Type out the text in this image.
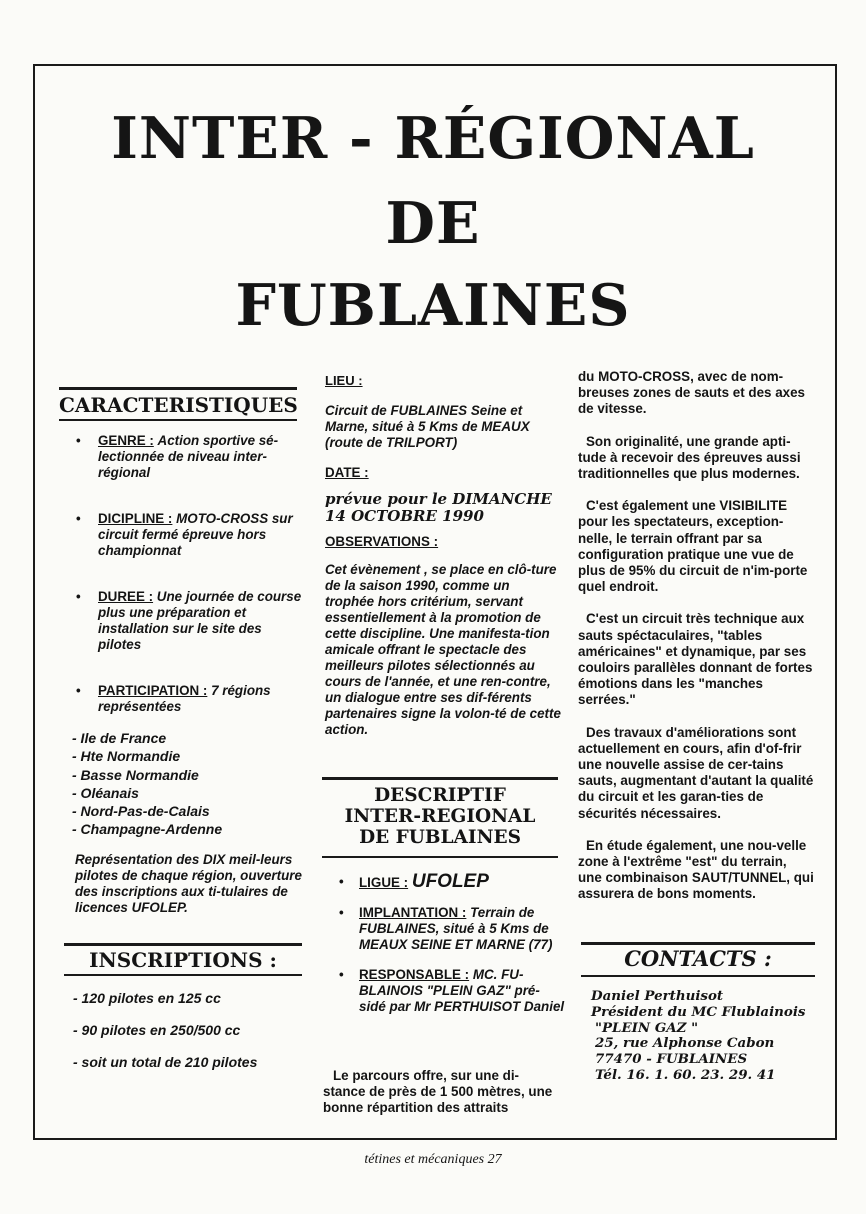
INTER - RÉGIONAL
DE
FUBLAINES
CARACTERISTIQUES
• GENRE : Action sportive sé-lectionnée de niveau inter-régional
• DICIPLINE : MOTO-CROSS sur circuit fermé épreuve hors championnat
• DUREE : Une journée de course plus une préparation et installation sur le site des pilotes
• PARTICIPATION : 7 régions représentées
- Ile de France
- Hte Normandie
- Basse Normandie
- Oléanais
- Nord-Pas-de-Calais
- Champagne-Ardenne
Représentation des DIX meil-leurs pilotes de chaque région, ouverture des inscriptions aux ti-tulaires de licences UFOLEP.
INSCRIPTIONS :
- 120 pilotes en 125 cc
- 90 pilotes en 250/500 cc
- soit un total de 210 pilotes
LIEU :

Circuit de FUBLAINES Seine et Marne, situé à 5 Kms de MEAUX (route de TRILPORT)

DATE :

prévue pour le DIMANCHE 14 OCTOBRE 1990

OBSERVATIONS :

Cet évènement , se place en clô-ture de la saison 1990, comme un trophée hors critérium, servant essentiellement à la promotion de cette discipline. Une manifesta-tion amicale offrant le spectacle des meilleurs pilotes sélectionnés au cours de l'année, et une ren-contre, un dialogue entre ses dif-férents partenaires signe la volon-té de cette action.

DESCRIPTIF
INTER-REGIONAL
DE FUBLAINES
• LIGUE : UFOLEP
• IMPLANTATION : Terrain de FUBLAINES, situé à 5 Kms de MEAUX SEINE ET MARNE (77)
• RESPONSABLE : MC. FU-BLAINOIS "PLEIN GAZ" pré-sidé par Mr PERTHUISOT Daniel

Le parcours offre, sur une di-stance de près de 1 500 mètres, une bonne répartition des attraits

du MOTO-CROSS, avec de nom-breuses zones de sauts et des axes de vitesse.

Son originalité, une grande apti-tude à recevoir des épreuves aussi traditionnelles que plus modernes.

C'est également une VISIBILITE pour les spectateurs, exception-nelle, le terrain offrant par sa configuration pratique une vue de plus de 95% du circuit de n'im-porte quel endroit.

C'est un circuit très technique aux sauts spéctaculaires, "tables américaines" et dynamique, par ses couloirs parallèles donnant de fortes émotions dans les "manches serrées."

Des travaux d'améliorations sont actuellement en cours, afin d'of-frir une nouvelle assise de cer-tains sauts, augmentant d'autant la qualité du circuit et les garan-ties de sécurités nécessaires.

En étude également, une nou-velle zone à l'extrême "est" du terrain, une combinaison SAUT/TUNNEL, qui assurera de bons moments.

CONTACTS :

Daniel Perthuisot

Président du MC Flublainois

"PLEIN GAZ "

25, rue Alphonse Cabon

77470 - FUBLAINES

Tél. 16. 1. 60. 23. 29. 41

tétines et mécaniques 27
